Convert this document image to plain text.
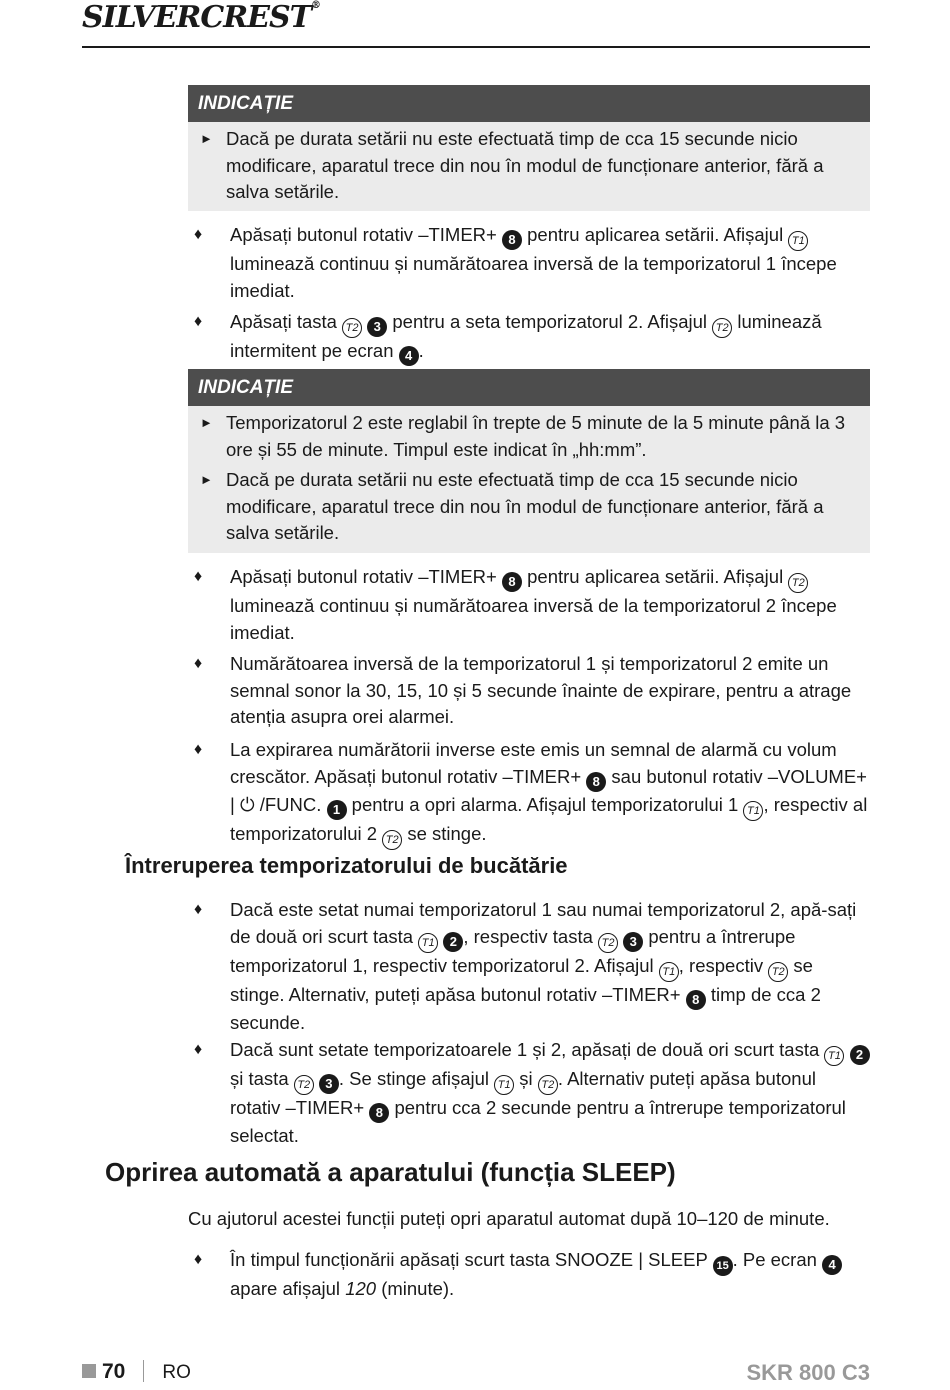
SILVERCREST®
INDICAȚIE
► Dacă pe durata setării nu este efectuată timp de cca 15 secunde nicio modificare, aparatul trece din nou în modul de funcționare anterior, fără a salva setările.
♦ Apăsați butonul rotativ –TIMER+ 8 pentru aplicarea setării. Afișajul T1 luminează continuu și numărătoarea inversă de la temporizatorul 1 începe imediat.
♦ Apăsați tasta T2 3 pentru a seta temporizatorul 2. Afișajul T2 luminează intermitent pe ecran 4 .
INDICAȚIE
► Temporizatorul 2 este reglabil în trepte de 5 minute de la 5 minute până la 3 ore și 55 de minute. Timpul este indicat în „hh:mm”.
► Dacă pe durata setării nu este efectuată timp de cca 15 secunde nicio modificare, aparatul trece din nou în modul de funcționare anterior, fără a salva setările.
♦ Apăsați butonul rotativ –TIMER+ 8 pentru aplicarea setării. Afișajul T2 luminează continuu și numărătoarea inversă de la temporizatorul 2 începe imediat.
♦ Numărătoarea inversă de la temporizatorul 1 și temporizatorul 2 emite un semnal sonor la 30, 15, 10 și 5 secunde înainte de expirare, pentru a atrage atenția asupra orei alarmei.
♦ La expirarea numărătorii inverse este emis un semnal de alarmă cu volum crescător. Apăsați butonul rotativ –TIMER+ 8 sau butonul rotativ –VOLUME+ | ⏻ /FUNC. 1 pentru a opri alarma. Afișajul temporizatorului 1 T1 , respectiv al temporizatorului 2 T2 se stinge.
Întreruperea temporizatorului de bucătărie
♦ Dacă este setat numai temporizatorul 1 sau numai temporizatorul 2, apă-sați de două ori scurt tasta T1 2 , respectiv tasta T2 3 pentru a întrerupe temporizatorul 1, respectiv temporizatorul 2. Afișajul T1 , respectiv T2 se stinge. Alternativ, puteți apăsa butonul rotativ –TIMER+ 8 timp de cca 2 secunde.
♦ Dacă sunt setate temporizatoarele 1 și 2, apăsați de două ori scurt tasta T1 2 și tasta T2 3 . Se stinge afișajul T1 și T2 . Alternativ puteți apăsa butonul rotativ –TIMER+ 8 pentru cca 2 secunde pentru a întrerupe temporizatorul selectat.
Oprirea automată a aparatului (funcția SLEEP)
Cu ajutorul acestei funcții puteți opri aparatul automat după 10–120 de minute.
♦ În timpul funcționării apăsați scurt tasta SNOOZE | SLEEP 15 . Pe ecran 4 apare afișajul 120 (minute).
70 RO	SKR 800 C3
